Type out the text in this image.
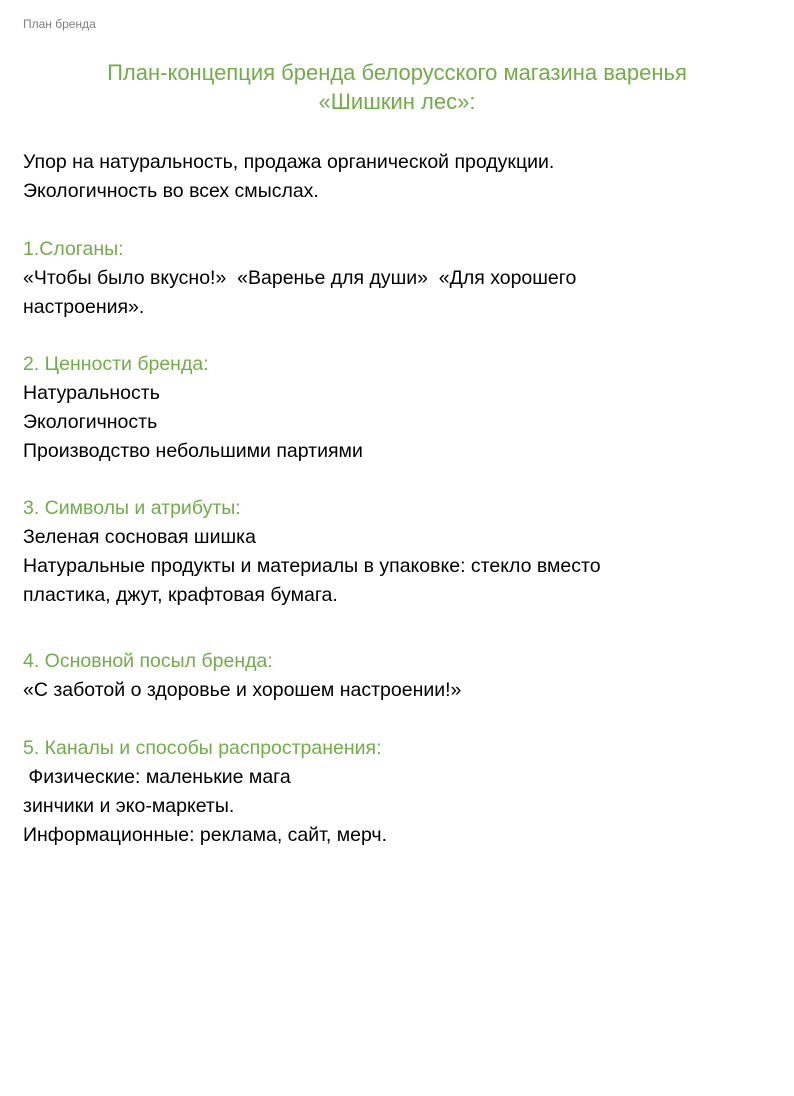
План бренда
План-концепция бренда белорусского магазина варенья
«Шишкин лес»:
Упор на натуральность, продажа органической продукции.
Экологичность во всех смыслах.
1.Слоганы:
«Чтобы было вкусно!»  «Варенье для души»  «Для хорошего
настроения».
2. Ценности бренда:
Натуральность
Экологичность
Производство небольшими партиями
3. Символы и атрибуты:
Зеленая сосновая шишка
Натуральные продукты и материалы в упаковке: стекло вместо
пластика, джут, крафтовая бумага.
4. Основной посыл бренда:
«С заботой о здоровье и хорошем настроении!»
5. Каналы и способы распространения:
Физические: маленькие мага
зинчики и эко-маркеты.
Информационные: реклама, сайт, мерч.
